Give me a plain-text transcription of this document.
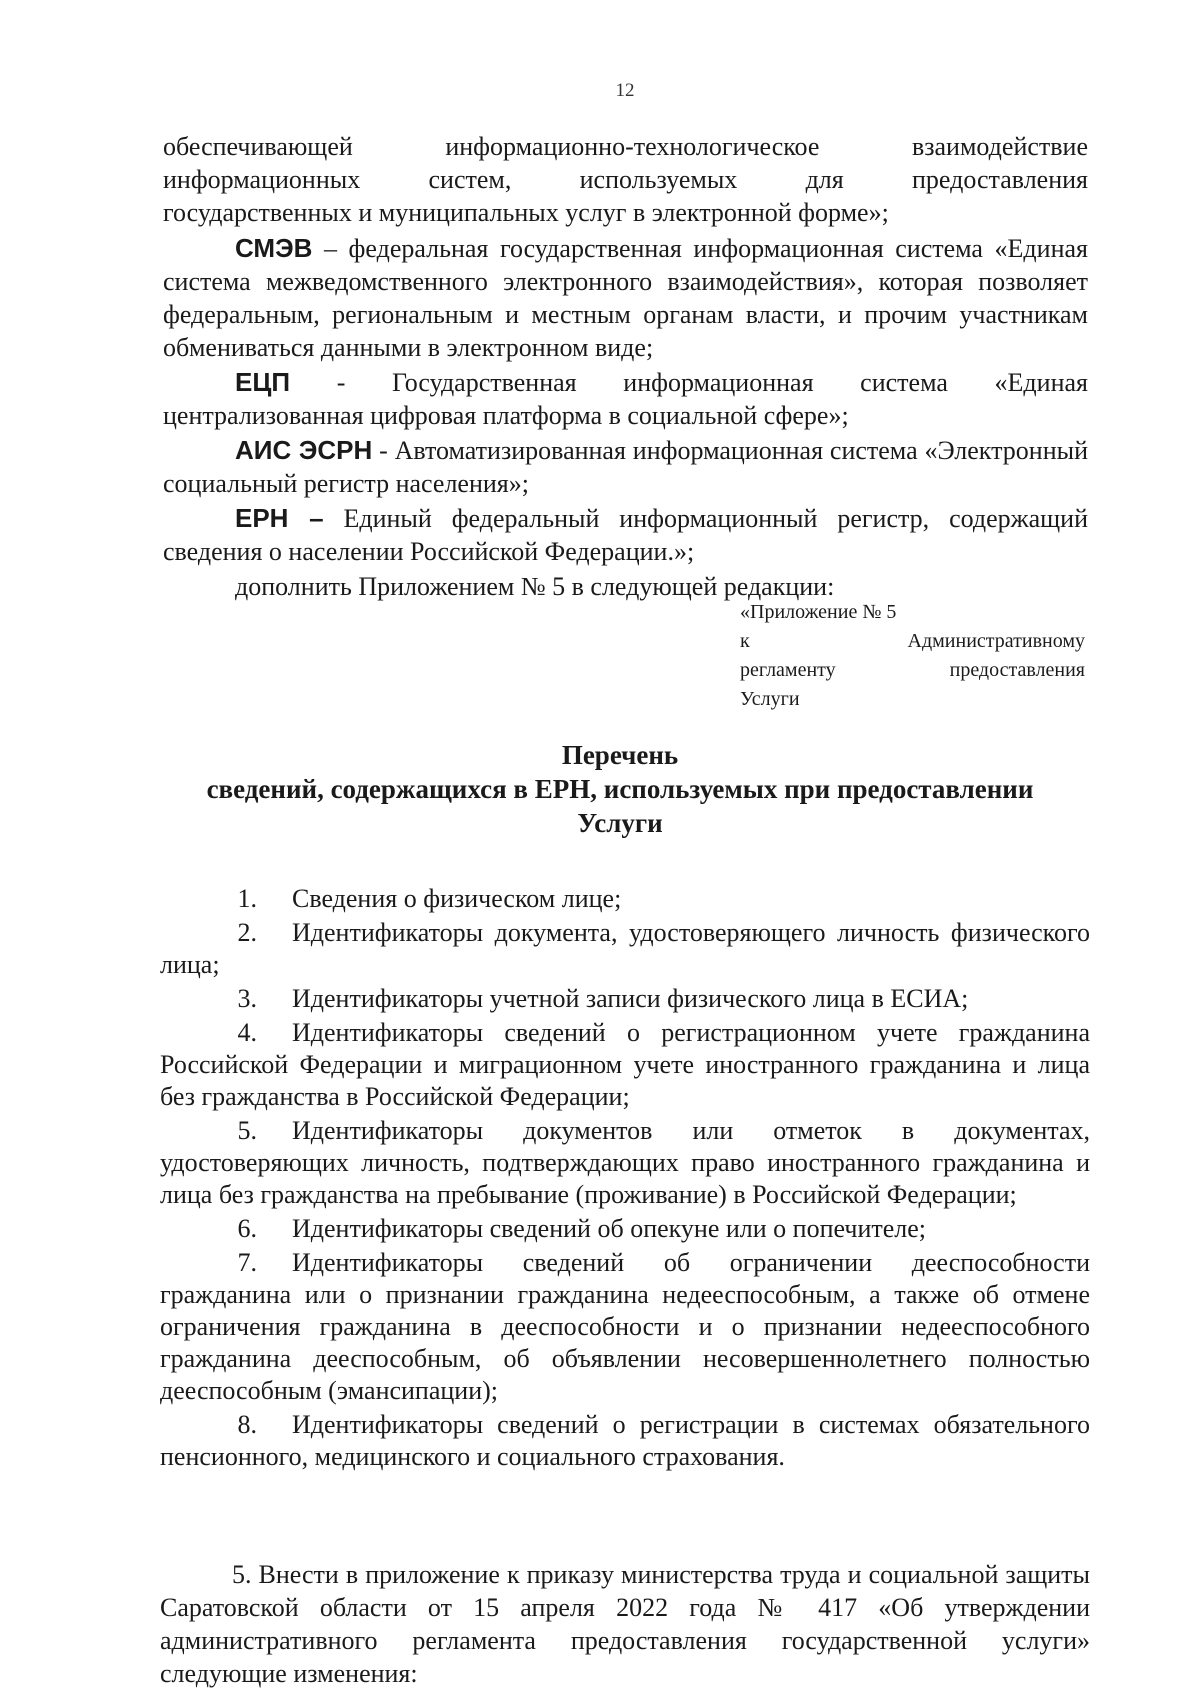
12

обеспечивающей информационно-технологическое взаимодействие

информационных систем, используемых для предоставления

государственных и муниципальных услуг в электронной форме»;

СМЭВ – федеральная государственная информационная система «Единая система межведомственного электронного взаимодействия», которая позволяет федеральным, региональным и местным органам власти, и прочим участникам обмениваться данными в электронном виде;

ЕЦП - Государственная информационная система «Единая централизованная цифровая платформа в социальной сфере»;

АИС ЭСРН - Автоматизированная информационная система «Электронный социальный регистр населения»;

ЕРН – Единый федеральный информационный регистр, содержащий сведения о населении Российской Федерации.»;

дополнить Приложением № 5 в следующей редакции:

«Приложение № 5
к Административному
регламенту предоставления
Услуги
Перечень
сведений, содержащихся в ЕРН, используемых при предоставлении
Услуги

1. Сведения о физическом лице;

2. Идентификаторы документа, удостоверяющего личность физического лица;

3. Идентификаторы учетной записи физического лица в ЕСИА;

4. Идентификаторы сведений о регистрационном учете гражданина Российской Федерации и миграционном учете иностранного гражданина и лица без гражданства в Российской Федерации;

5. Идентификаторы документов или отметок в документах, удостоверяющих личность, подтверждающих право иностранного гражданина и лица без гражданства на пребывание (проживание) в Российской Федерации;

6. Идентификаторы сведений об опекуне или о попечителе;

7. Идентификаторы сведений об ограничении дееспособности гражданина или о признании гражданина недееспособным, а также об отмене ограничения гражданина в дееспособности и о признании недееспособного гражданина дееспособным, об объявлении несовершеннолетнего полностью дееспособным (эмансипации);

8. Идентификаторы сведений о регистрации в системах обязательного пенсионного, медицинского и социального страхования.

5. Внести в приложение к приказу министерства труда и социальной защиты Саратовской области от 15 апреля 2022 года № 417 «Об утверждении административного регламента предоставления государственной услуги» следующие изменения:
